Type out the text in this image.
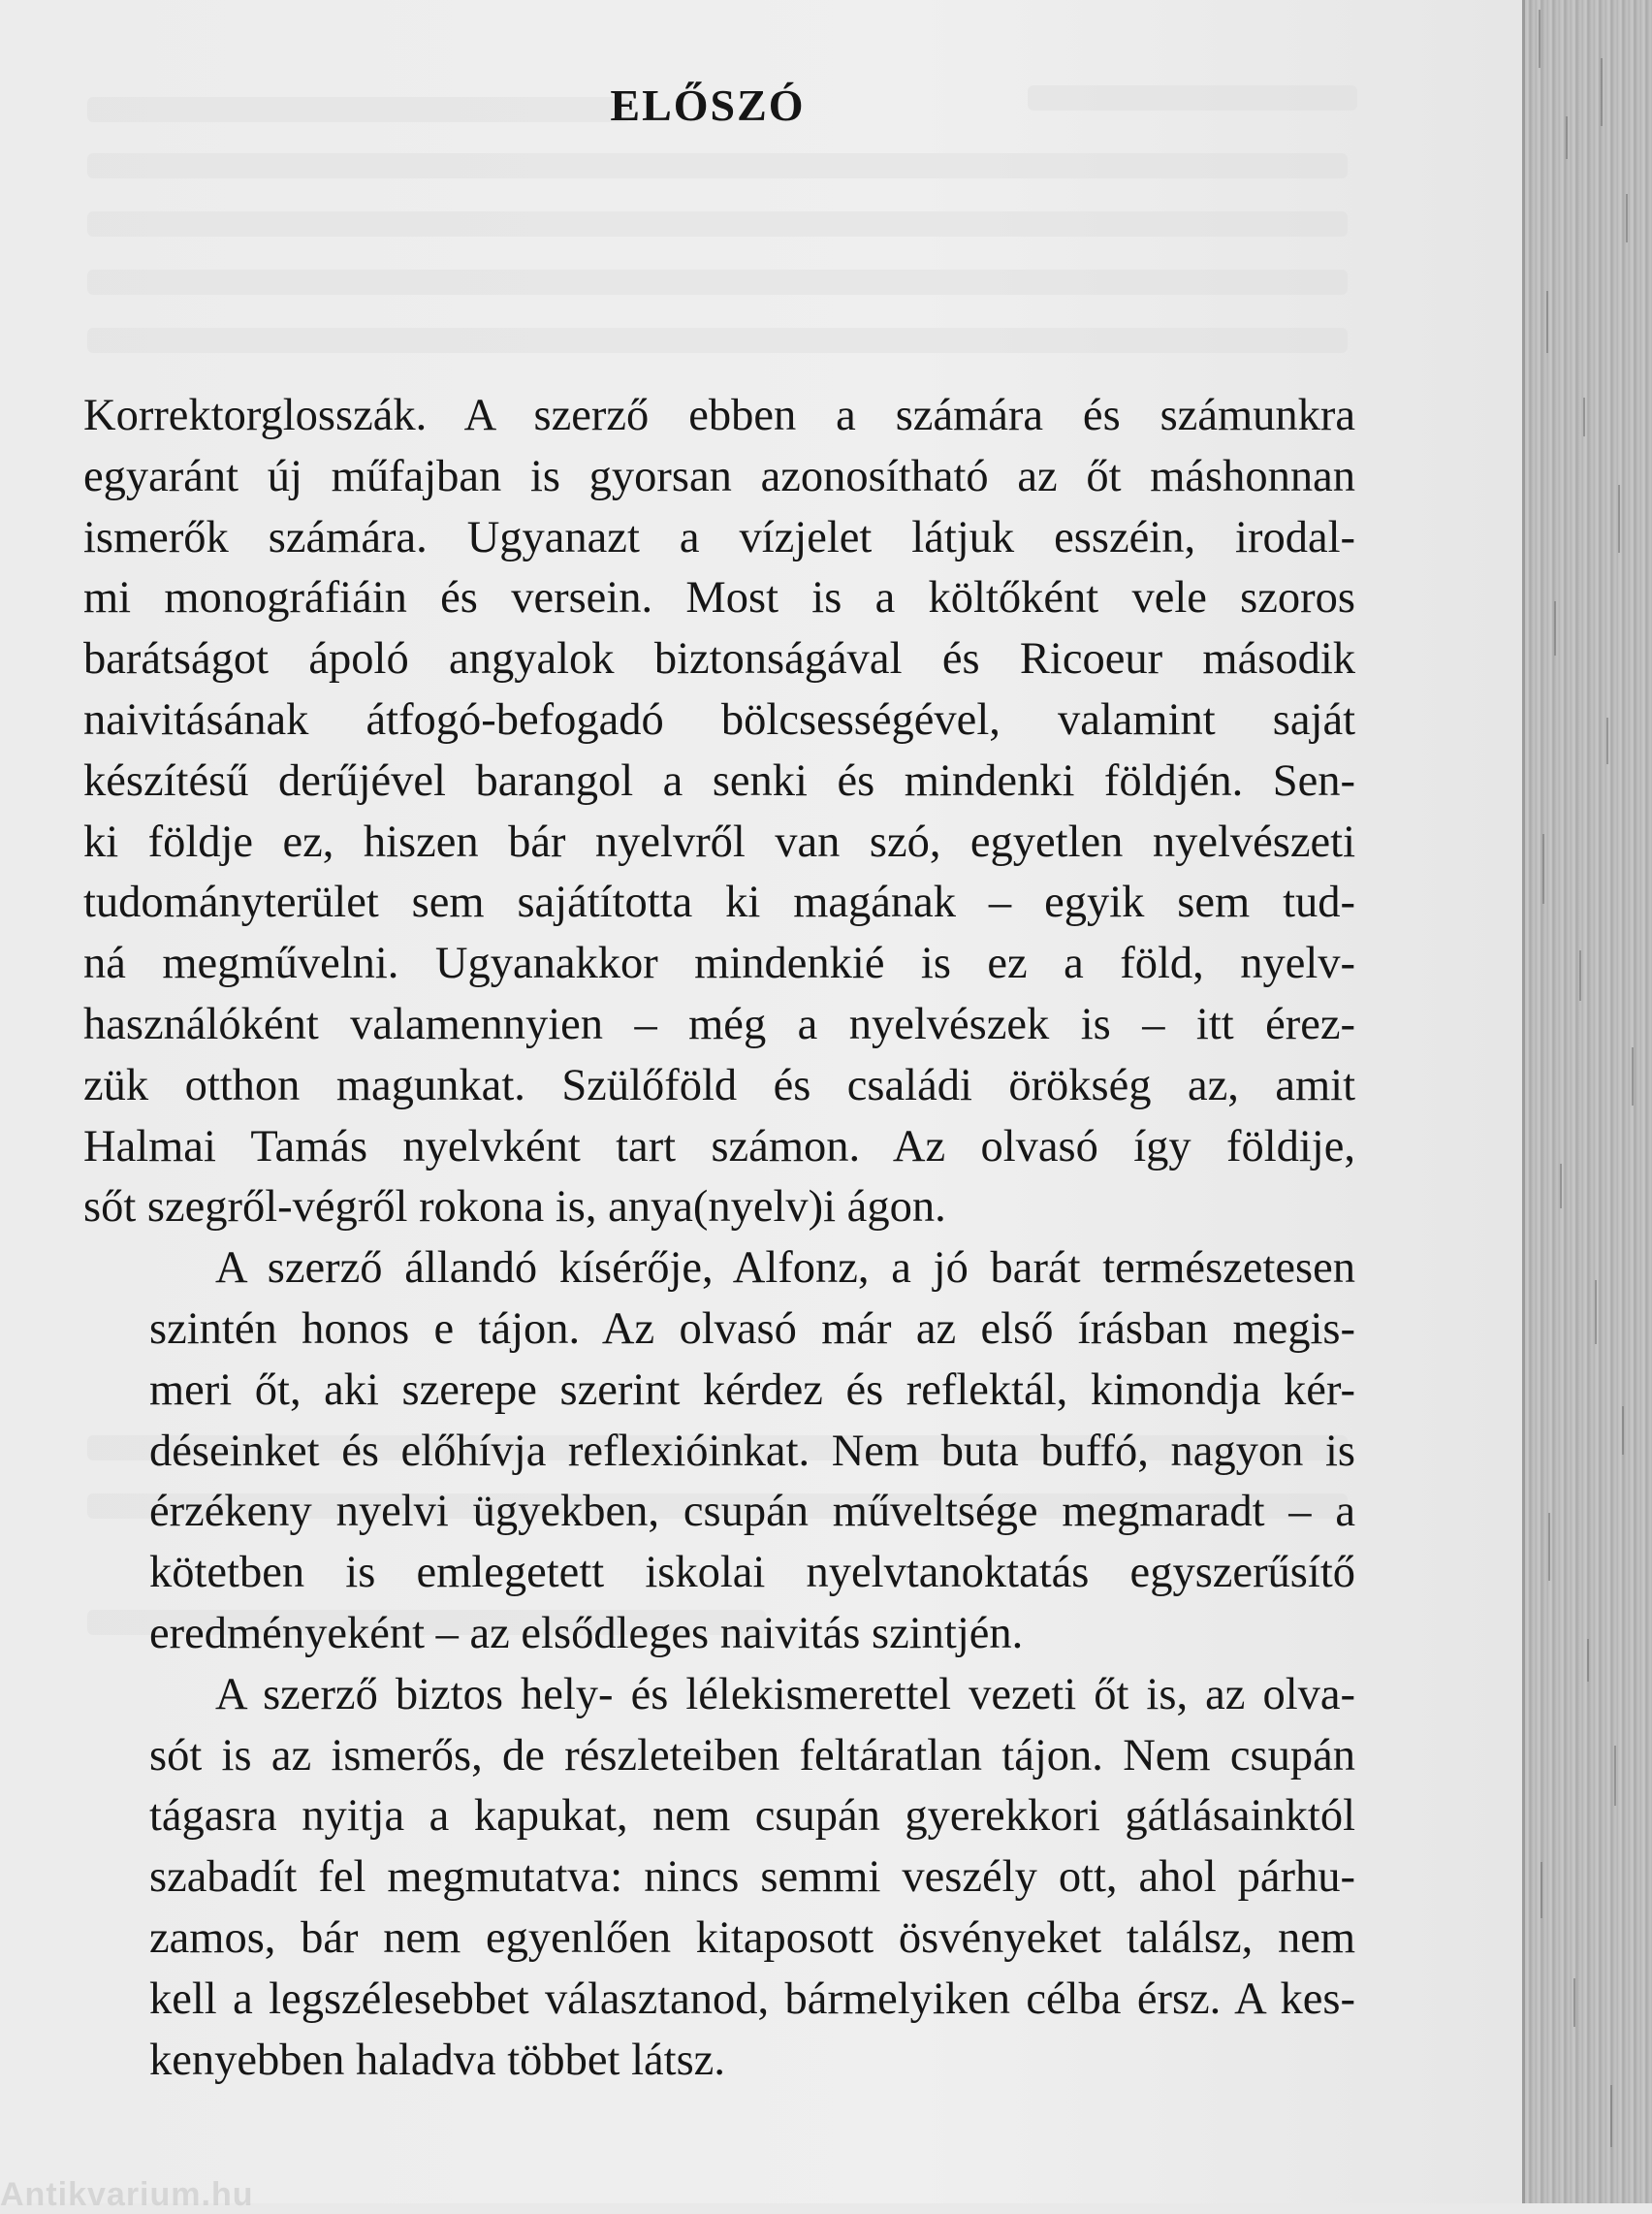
ELŐSZÓ
Korrektorglosszák. A szerző ebben a számára és számunkra
egyaránt új műfajban is gyorsan azonosítható az őt máshonnan
ismerők számára. Ugyanazt a vízjelet látjuk esszéin, irodal-
mi monográfiáin és versein. Most is a költőként vele szoros
barátságot ápoló angyalok biztonságával és Ricoeur második
naivitásának átfogó-befogadó bölcsességével, valamint saját
készítésű derűjével barangol a senki és mindenki földjén. Sen-
ki földje ez, hiszen bár nyelvről van szó, egyetlen nyelvészeti
tudományterület sem sajátította ki magának – egyik sem tud-
ná megművelni. Ugyanakkor mindenkié is ez a föld, nyelv-
használóként valamennyien – még a nyelvészek is – itt érez-
zük otthon magunkat. Szülőföld és családi örökség az, amit
Halmai Tamás nyelvként tart számon. Az olvasó így földije,
sőt szegről-végről rokona is, anya(nyelv)i ágon.
A szerző állandó kísérője, Alfonz, a jó barát természetesen
szintén honos e tájon. Az olvasó már az első írásban megis-
meri őt, aki szerepe szerint kérdez és reflektál, kimondja kér-
déseinket és előhívja reflexióinkat. Nem buta buffó, nagyon is
érzékeny nyelvi ügyekben, csupán műveltsége megmaradt – a
kötetben is emlegetett iskolai nyelvtanoktatás egyszerűsítő
eredményeként – az elsődleges naivitás szintjén.
A szerző biztos hely- és lélekismerettel vezeti őt is, az olva-
sót is az ismerős, de részleteiben feltáratlan tájon. Nem csupán
tágasra nyitja a kapukat, nem csupán gyerekkori gátlásainktól
szabadít fel megmutatva: nincs semmi veszély ott, ahol párhu-
zamos, bár nem egyenlően kitaposott ösvényeket találsz, nem
kell a legszélesebbet választanod, bármelyiken célba érsz. A kes-
kenyebben haladva többet látsz.
Antikvarium.hu
